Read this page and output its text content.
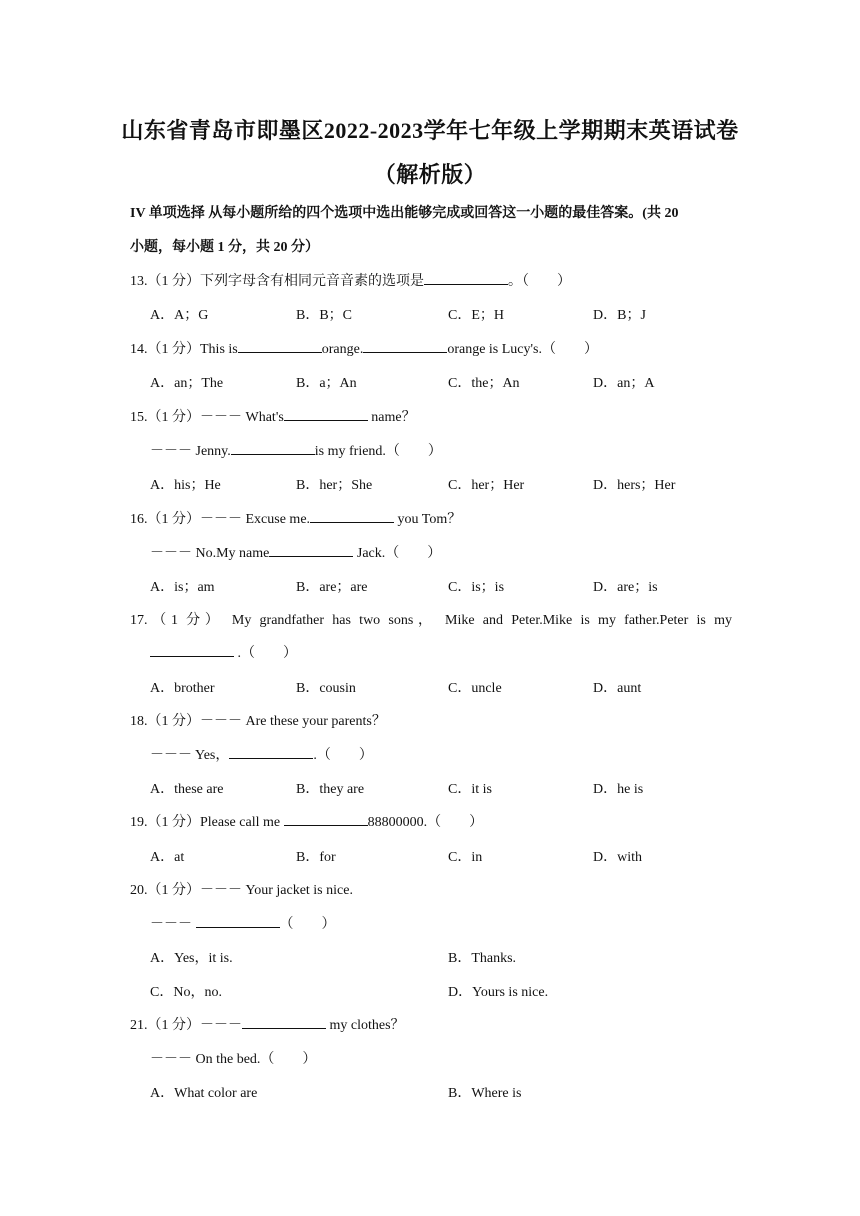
山东省青岛市即墨区2022-2023学年七年级上学期期末英语试卷
（解析版）
IV 单项选择 从每小题所给的四个选项中选出能够完成或回答这一小题的最佳答案。(共 20
小题，每小题 1 分，共 20 分）
13.（1 分）下列字母含有相同元音音素的选项是	。（　　）
A．A；G	B．B；C	C．E；H	D．B；J
14.（1 分）This is	orange.	orange is Lucy's.（　　）
A．an；The	B．a；An	C．the；An	D．an；A
15.（1 分）－－－ What's	name？
－－－ Jenny.	is my friend.（　　）
A．his；He	B．her；She	C．her；Her	D．hers；Her
16.（1 分）－－－ Excuse me.	you Tom？
－－－ No.My name	Jack.（　　）
A．is；am	B．are；are	C．is；is	D．are；is
17.（1 分） My grandfather has two sons， Mike and Peter.Mike is my father.Peter is my
.（　　）
A．brother	B．cousin	C．uncle	D．aunt
18.（1 分）－－－ Are these your parents？
－－－ Yes，	.（　　）
A．these are	B．they are	C．it is	D．he is
19.（1 分）Please call me	88800000.（　　）
A．at	B．for	C．in	D．with
20.（1 分）－－－ Your jacket is nice.
－－－	（　　）
A．Yes，it is.	B．Thanks.
C．No，no.	D．Yours is nice.
21.（1 分）－－－	my clothes？
－－－ On the bed.（　　）
A．What color are	B．Where is
